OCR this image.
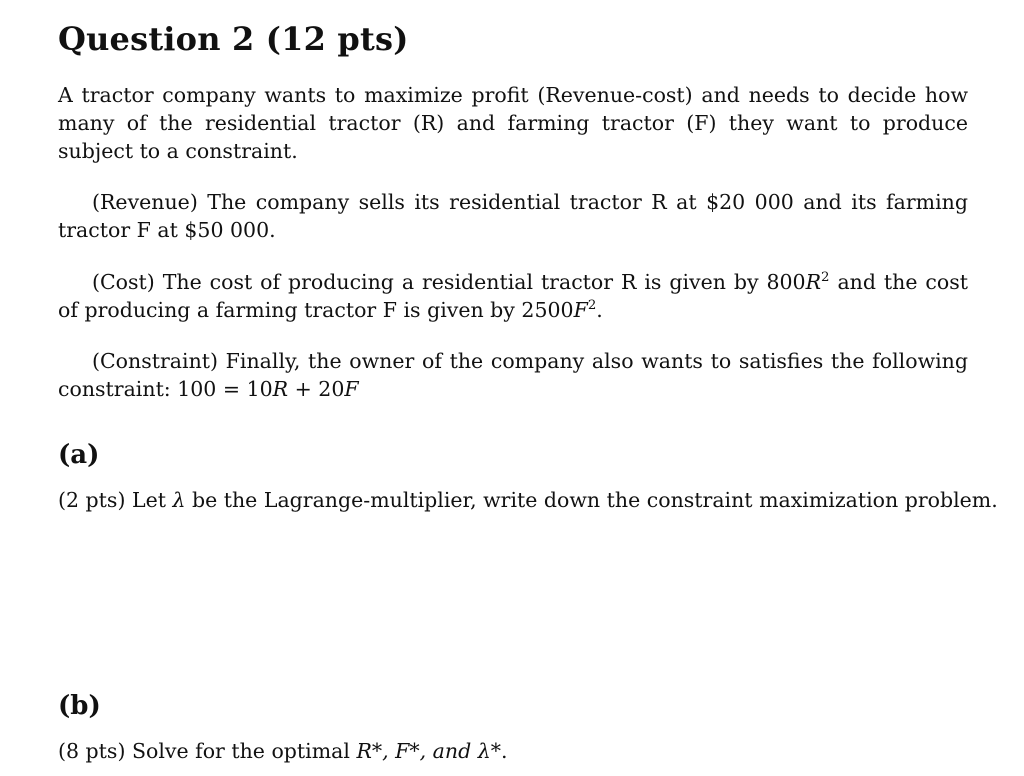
Question 2 (12 pts)

A tractor company wants to maximize profit (Revenue-cost) and needs to decide how many of the residential tractor (R) and farming tractor (F) they want to produce subject to a constraint.

(Revenue) The company sells its residential tractor R at $20 000 and its farming tractor F at $50 000.

(Cost) The cost of producing a residential tractor R is given by $800R^2$ and the cost of producing a farming tractor F is given by $2500F^2$.

(Constraint) Finally, the owner of the company also wants to satisfies the following constraint: 100 = 10R + 20F

(a)

(2 pts) Let λ be the Lagrange-multiplier, write down the constraint maximization problem.

(b)

(8 pts) Solve for the optimal R*, F*, and λ*.
